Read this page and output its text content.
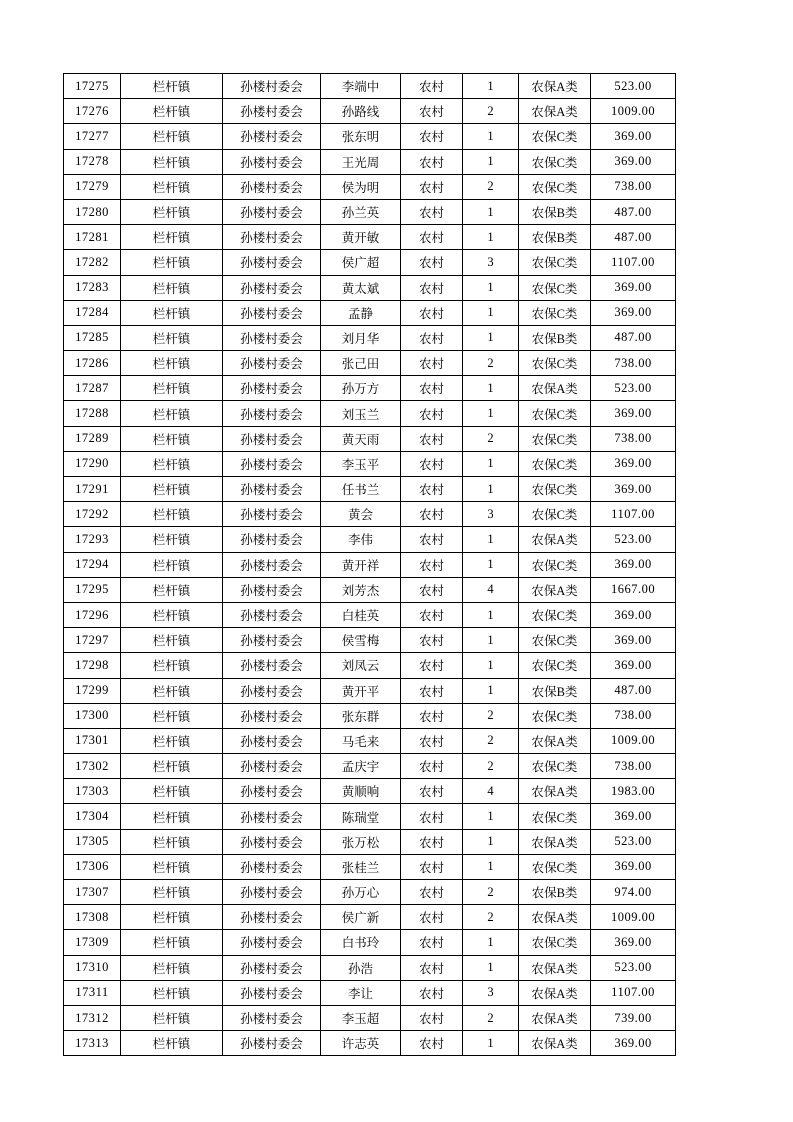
17275	栏杆镇	孙楼村委会	李端中	农村	1	农保A类	523.00
17276	栏杆镇	孙楼村委会	孙路线	农村	2	农保A类	1009.00
17277	栏杆镇	孙楼村委会	张东明	农村	1	农保C类	369.00
17278	栏杆镇	孙楼村委会	王光周	农村	1	农保C类	369.00
17279	栏杆镇	孙楼村委会	侯为明	农村	2	农保C类	738.00
17280	栏杆镇	孙楼村委会	孙兰英	农村	1	农保B类	487.00
17281	栏杆镇	孙楼村委会	黄开敏	农村	1	农保B类	487.00
17282	栏杆镇	孙楼村委会	侯广超	农村	3	农保C类	1107.00
17283	栏杆镇	孙楼村委会	黄太斌	农村	1	农保C类	369.00
17284	栏杆镇	孙楼村委会	孟静	农村	1	农保C类	369.00
17285	栏杆镇	孙楼村委会	刘月华	农村	1	农保B类	487.00
17286	栏杆镇	孙楼村委会	张己田	农村	2	农保C类	738.00
17287	栏杆镇	孙楼村委会	孙万方	农村	1	农保A类	523.00
17288	栏杆镇	孙楼村委会	刘玉兰	农村	1	农保C类	369.00
17289	栏杆镇	孙楼村委会	黄天雨	农村	2	农保C类	738.00
17290	栏杆镇	孙楼村委会	李玉平	农村	1	农保C类	369.00
17291	栏杆镇	孙楼村委会	任书兰	农村	1	农保C类	369.00
17292	栏杆镇	孙楼村委会	黄会	农村	3	农保C类	1107.00
17293	栏杆镇	孙楼村委会	李伟	农村	1	农保A类	523.00
17294	栏杆镇	孙楼村委会	黄开祥	农村	1	农保C类	369.00
17295	栏杆镇	孙楼村委会	刘芳杰	农村	4	农保A类	1667.00
17296	栏杆镇	孙楼村委会	白桂英	农村	1	农保C类	369.00
17297	栏杆镇	孙楼村委会	侯雪梅	农村	1	农保C类	369.00
17298	栏杆镇	孙楼村委会	刘凤云	农村	1	农保C类	369.00
17299	栏杆镇	孙楼村委会	黄开平	农村	1	农保B类	487.00
17300	栏杆镇	孙楼村委会	张东群	农村	2	农保C类	738.00
17301	栏杆镇	孙楼村委会	马毛来	农村	2	农保A类	1009.00
17302	栏杆镇	孙楼村委会	孟庆宇	农村	2	农保C类	738.00
17303	栏杆镇	孙楼村委会	黄顺响	农村	4	农保A类	1983.00
17304	栏杆镇	孙楼村委会	陈瑞堂	农村	1	农保C类	369.00
17305	栏杆镇	孙楼村委会	张万松	农村	1	农保A类	523.00
17306	栏杆镇	孙楼村委会	张桂兰	农村	1	农保C类	369.00
17307	栏杆镇	孙楼村委会	孙万心	农村	2	农保B类	974.00
17308	栏杆镇	孙楼村委会	侯广新	农村	2	农保A类	1009.00
17309	栏杆镇	孙楼村委会	白书玲	农村	1	农保C类	369.00
17310	栏杆镇	孙楼村委会	孙浩	农村	1	农保A类	523.00
17311	栏杆镇	孙楼村委会	李让	农村	3	农保A类	1107.00
17312	栏杆镇	孙楼村委会	李玉超	农村	2	农保A类	739.00
17313	栏杆镇	孙楼村委会	许志英	农村	1	农保A类	369.00
